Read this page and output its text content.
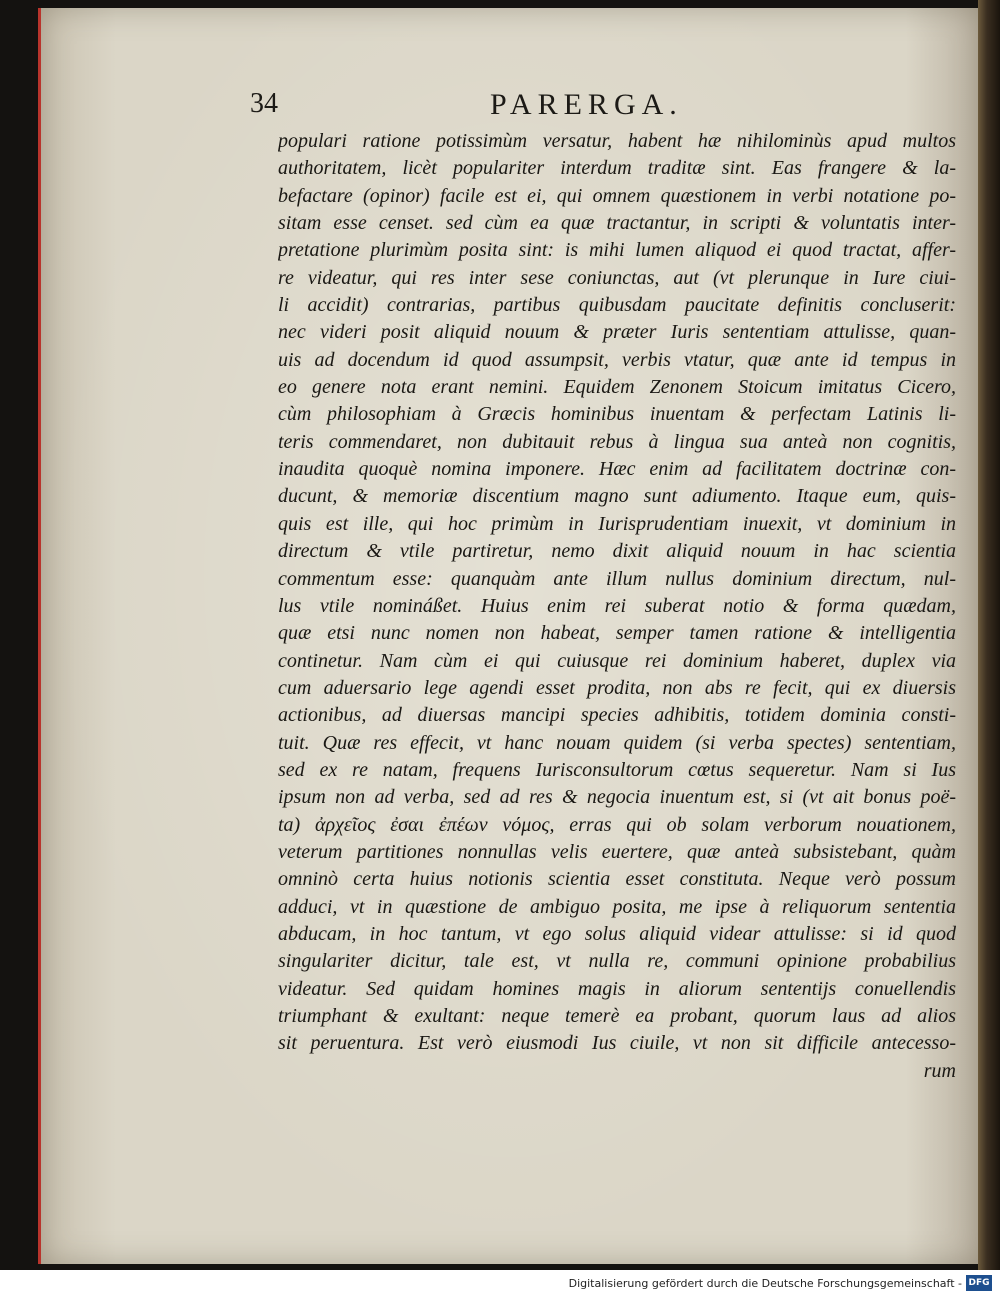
34	PARERGA.
populari ratione potissimùm versatur, habent hæ nihilominùs apud multos
authoritatem, licèt populariter interdum traditæ sint. Eas frangere & la-
befactare (opinor) facile est ei, qui omnem quæstionem in verbi notatione po-
sitam esse censet. sed cùm ea quæ tractantur, in scripti & voluntatis inter-
pretatione plurimùm posita sint: is mihi lumen aliquod ei quod tractat, affer-
re videatur, qui res inter sese coniunctas, aut (vt plerunque in Iure ciui-
li accidit) contrarias, partibus quibusdam paucitate definitis concluserit:
nec videri posit aliquid nouum & præter Iuris sententiam attulisse, quan-
uis ad docendum id quod assumpsit, verbis vtatur, quæ ante id tempus in
eo genere nota erant nemini. Equidem Zenonem Stoicum imitatus Cicero,
cùm philosophiam à Græcis hominibus inuentam & perfectam Latinis li-
teris commendaret, non dubitauit rebus à lingua sua anteà non cognitis,
inaudita quoquè nomina imponere. Hæc enim ad facilitatem doctrinæ con-
ducunt, & memoriæ discentium magno sunt adiumento. Itaque eum, quis-
quis est ille, qui hoc primùm in Iurisprudentiam inuexit, vt dominium in
directum & vtile partiretur, nemo dixit aliquid nouum in hac scientia
commentum esse: quanquàm ante illum nullus dominium directum, nul-
lus vtile nomináßet. Huius enim rei suberat notio & forma quædam,
quæ etsi nunc nomen non habeat, semper tamen ratione & intelligentia
continetur. Nam cùm ei qui cuiusque rei dominium haberet, duplex via
cum aduersario lege agendi esset prodita, non abs re fecit, qui ex diuersis
actionibus, ad diuersas mancipi species adhibitis, totidem dominia consti-
tuit. Quæ res effecit, vt hanc nouam quidem (si verba spectes) sententiam,
sed ex re natam, frequens Iurisconsultorum cœtus sequeretur. Nam si Ius
ipsum non ad verba, sed ad res & negocia inuentum est, si (vt ait bonus poë-
ta) ἀρχεῖος ἐσαι ἐπέων νόμος, erras qui ob solam verborum nouationem,
veterum partitiones nonnullas velis euertere, quæ anteà subsistebant, quàm
omninò certa huius notionis scientia esset constituta. Neque verò possum
adduci, vt in quæstione de ambiguo posita, me ipse à reliquorum sententia
abducam, in hoc tantum, vt ego solus aliquid videar attulisse: si id quod
singulariter dicitur, tale est, vt nulla re, communi opinione probabilius
videatur. Sed quidam homines magis in aliorum sententijs conuellendis
triumphant & exultant: neque temerè ea probant, quorum laus ad alios
sit peruentura. Est verò eiusmodi Ius ciuile, vt non sit difficile antecesso-
rum
Digitalisierung gefördert durch die Deutsche Forschungsgemeinschaft - DFG
